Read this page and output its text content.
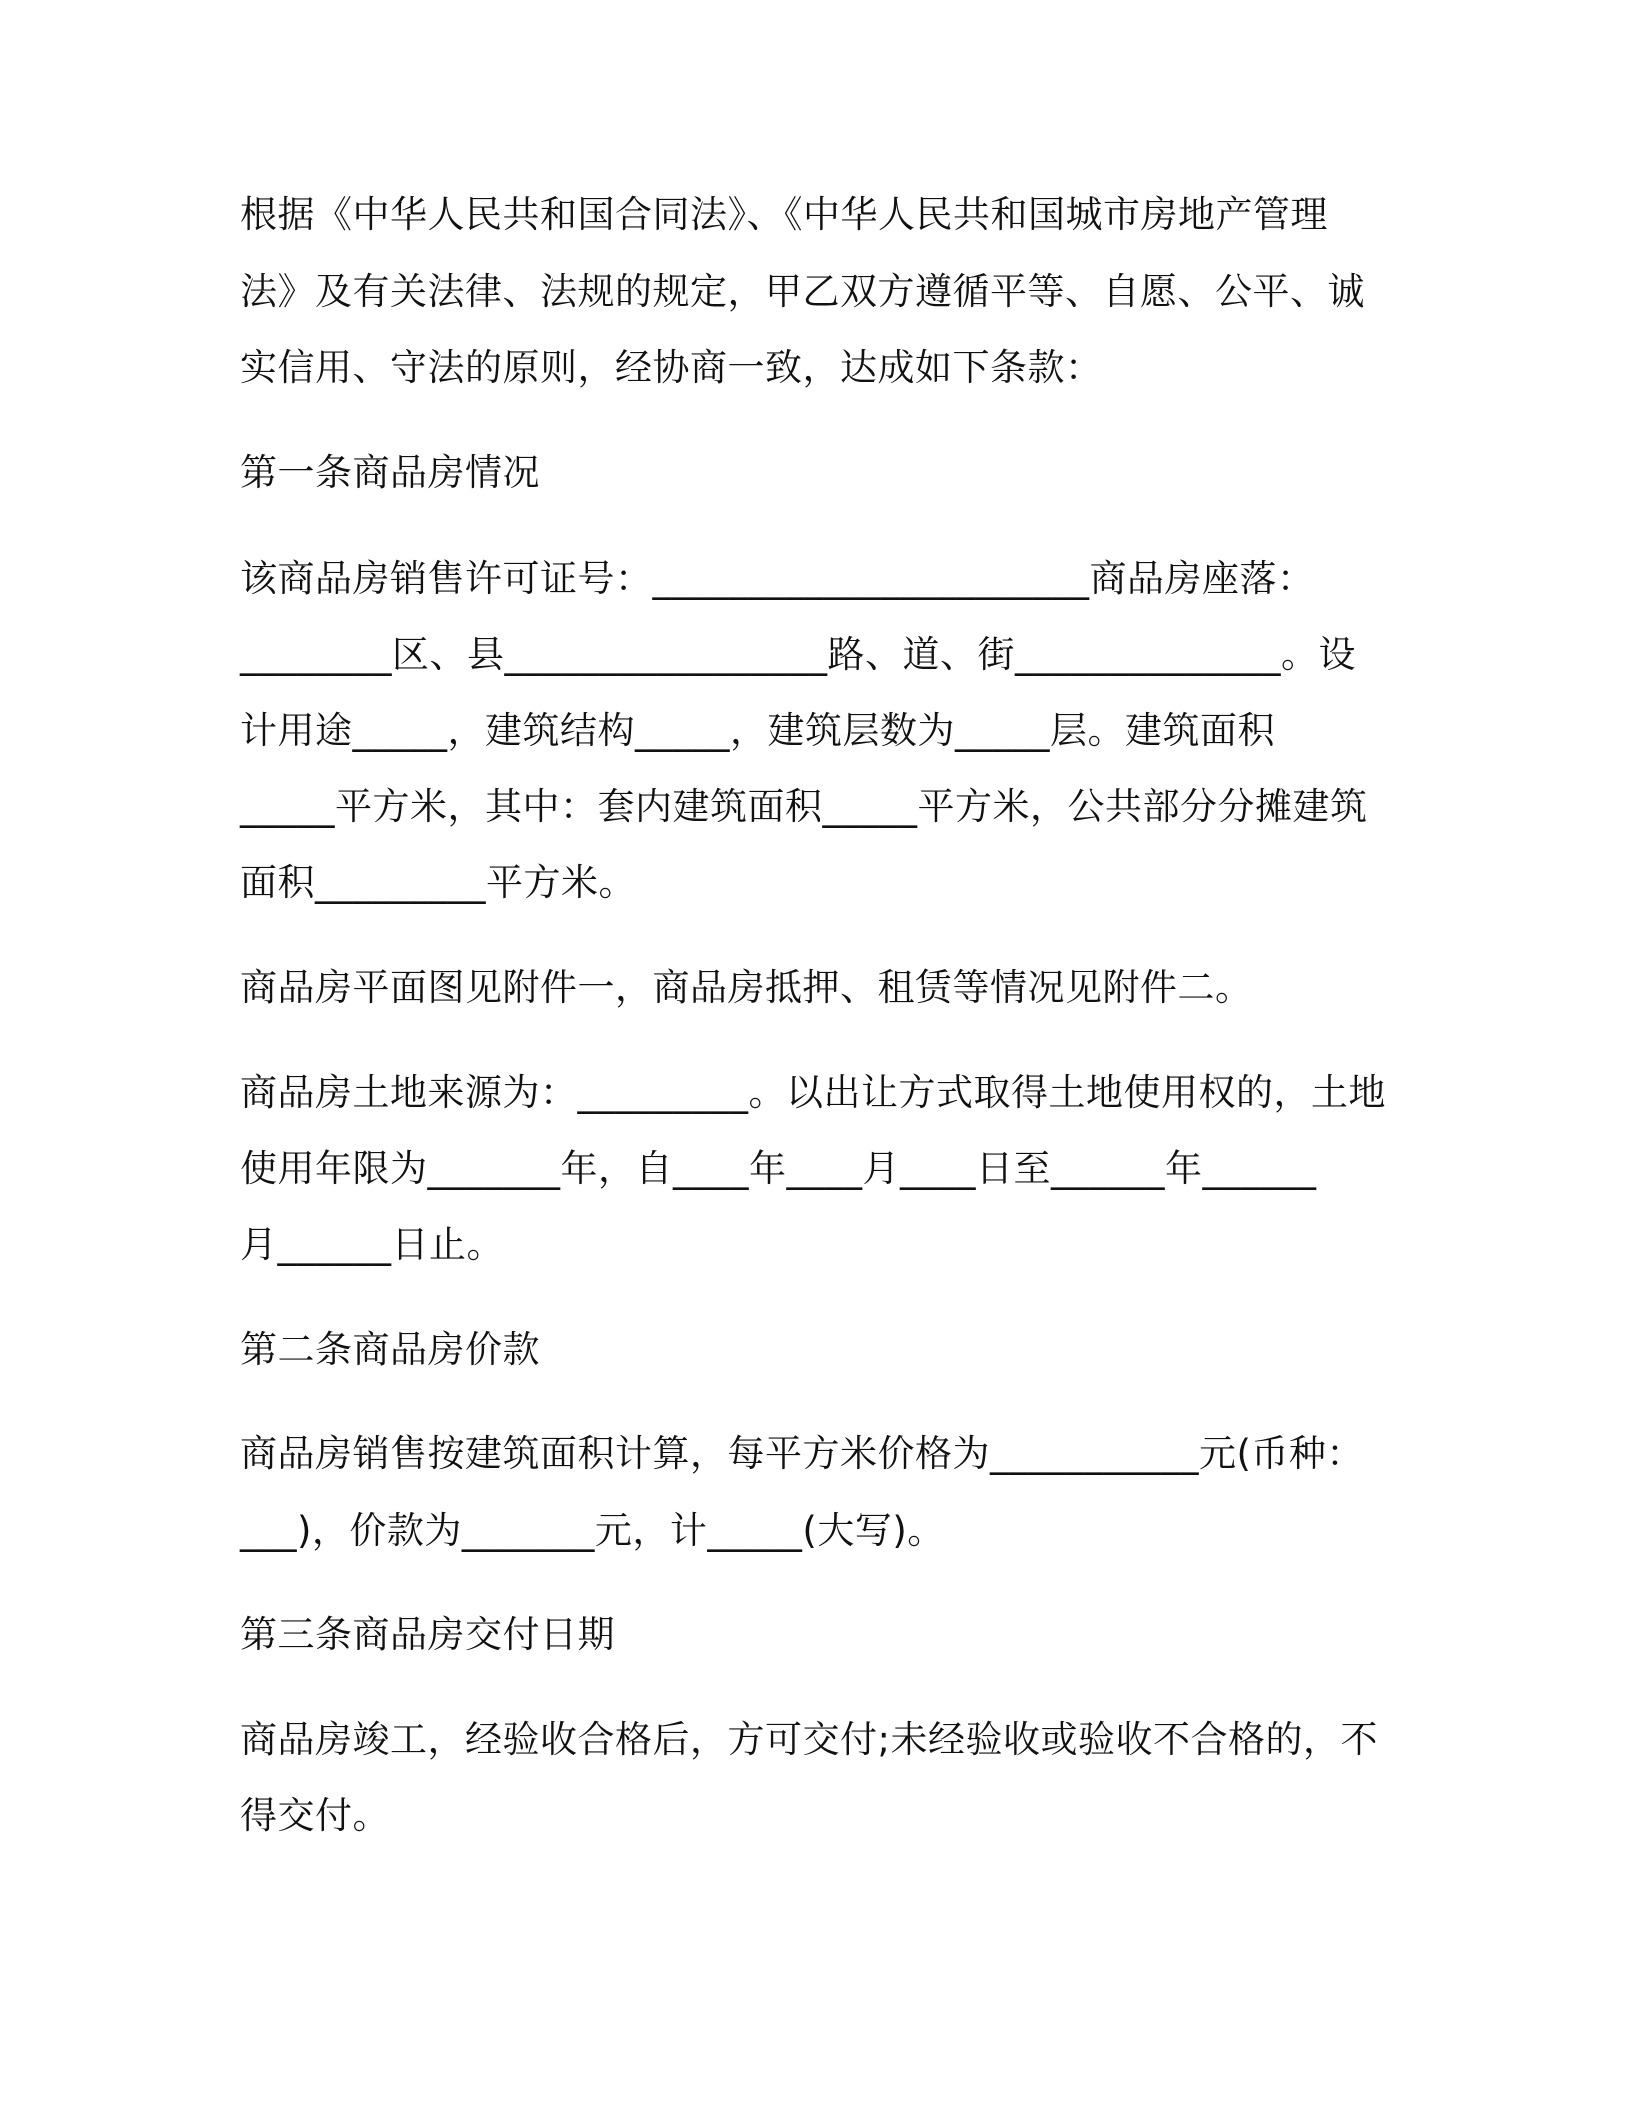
根据《中华人民共和国合同法》、《中华人民共和国城市房地产管理
法》及有关法律、法规的规定，甲乙双方遵循平等、自愿、公平、诚
实信用、守法的原则，经协商一致，达成如下条款：
第一条商品房情况
该商品房销售许可证号：_______________________商品房座落：
________区、县_________________路、道、街______________。设
计用途_____，建筑结构_____，建筑层数为_____层。建筑面积
_____平方米，其中：套内建筑面积_____平方米，公共部分分摊建筑
面积_________平方米。
商品房平面图见附件一，商品房抵押、租赁等情况见附件二。
商品房土地来源为：_________。以出让方式取得土地使用权的，土地
使用年限为_______年，自____年____月____日至______年______
月______日止。
第二条商品房价款
商品房销售按建筑面积计算，每平方米价格为___________元(币种：
___)，价款为_______元，计_____(大写)。
第三条商品房交付日期
商品房竣工，经验收合格后，方可交付;未经验收或验收不合格的，不
得交付。
